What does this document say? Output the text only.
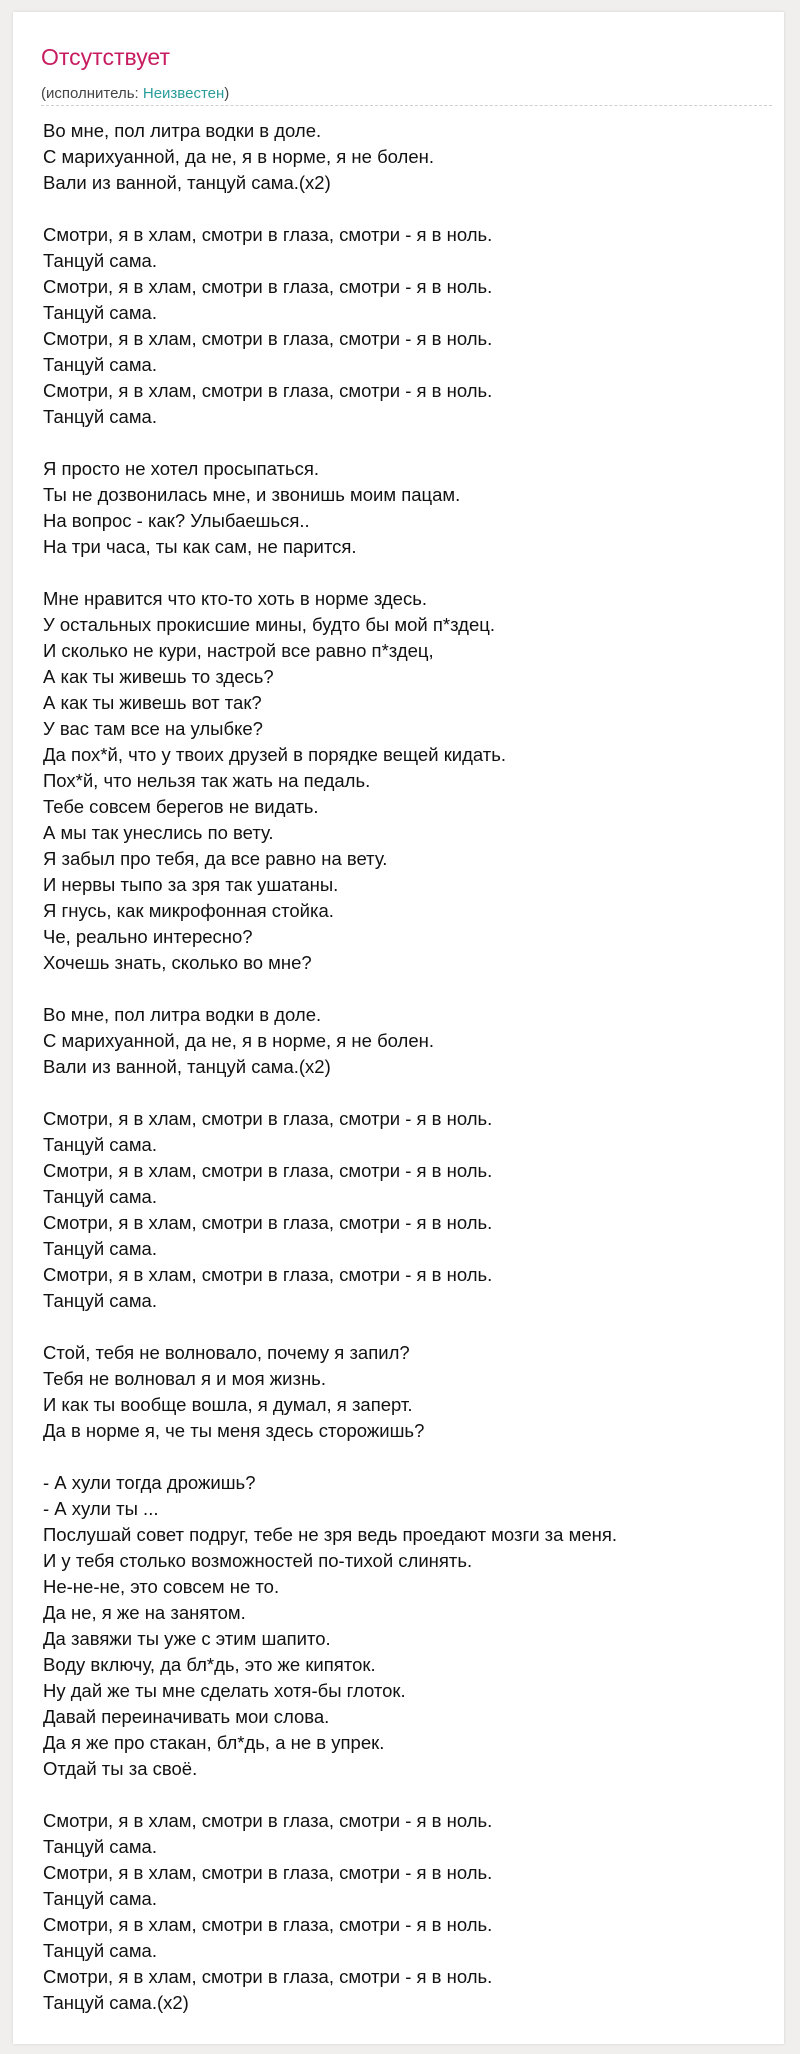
Отсутствует
(исполнитель: Неизвестен)
Во мне, пол литра водки в доле.
С марихуанной, да не, я в норме, я не болен.
Вали из ванной, танцуй сама.(x2)
Смотри, я в хлам, смотри в глаза, смотри - я в ноль.
Танцуй сама.
Смотри, я в хлам, смотри в глаза, смотри - я в ноль.
Танцуй сама.
Смотри, я в хлам, смотри в глаза, смотри - я в ноль.
Танцуй сама.
Смотри, я в хлам, смотри в глаза, смотри - я в ноль.
Танцуй сама.
Я просто не хотел просыпаться.
Ты не дозвонилась мне, и звонишь моим пацам.
На вопрос - как? Улыбаешься..
На три часа, ты как сам, не парится.
Мне нравится что кто-то хоть в норме здесь.
У остальных прокисшие мины, будто бы мой п*здец.
И сколько не кури, настрой все равно п*здец,
А как ты живешь то здесь?
А как ты живешь вот так?
У вас там все на улыбке?
Да пох*й, что у твоих друзей в порядке вещей кидать.
Пох*й, что нельзя так жать на педаль.
Тебе совсем берегов не видать.
А мы так унеслись по вету.
Я забыл про тебя, да все равно на вету.
И нервы тыпо за зря так ушатаны.
Я гнусь, как микрофонная стойка.
Че, реально интересно?
Хочешь знать, сколько во мне?
Во мне, пол литра водки в доле.
С марихуанной, да не, я в норме, я не болен.
Вали из ванной, танцуй сама.(x2)
Смотри, я в хлам, смотри в глаза, смотри - я в ноль.
Танцуй сама.
Смотри, я в хлам, смотри в глаза, смотри - я в ноль.
Танцуй сама.
Смотри, я в хлам, смотри в глаза, смотри - я в ноль.
Танцуй сама.
Смотри, я в хлам, смотри в глаза, смотри - я в ноль.
Танцуй сама.
Стой, тебя не волновало, почему я запил?
Тебя не волновал я и моя жизнь.
И как ты вообще вошла, я думал, я заперт.
Да в норме я, че ты меня здесь сторожишь?
- А хули тогда дрожишь?
- А хули ты ...
Послушай совет подруг, тебе не зря ведь проедают мозги за меня.
И у тебя столько возможностей по-тихой слинять.
Не-не-не, это совсем не то.
Да не, я же на занятом.
Да завяжи ты уже с этим шапито.
Воду включу, да бл*дь, это же кипяток.
Ну дай же ты мне сделать хотя-бы глоток.
Давай переиначивать мои слова.
Да я же про стакан, бл*дь, а не в упрек.
Отдай ты за своё.
Смотри, я в хлам, смотри в глаза, смотри - я в ноль.
Танцуй сама.
Смотри, я в хлам, смотри в глаза, смотри - я в ноль.
Танцуй сама.
Смотри, я в хлам, смотри в глаза, смотри - я в ноль.
Танцуй сама.
Смотри, я в хлам, смотри в глаза, смотри - я в ноль.
Танцуй сама.(x2)
